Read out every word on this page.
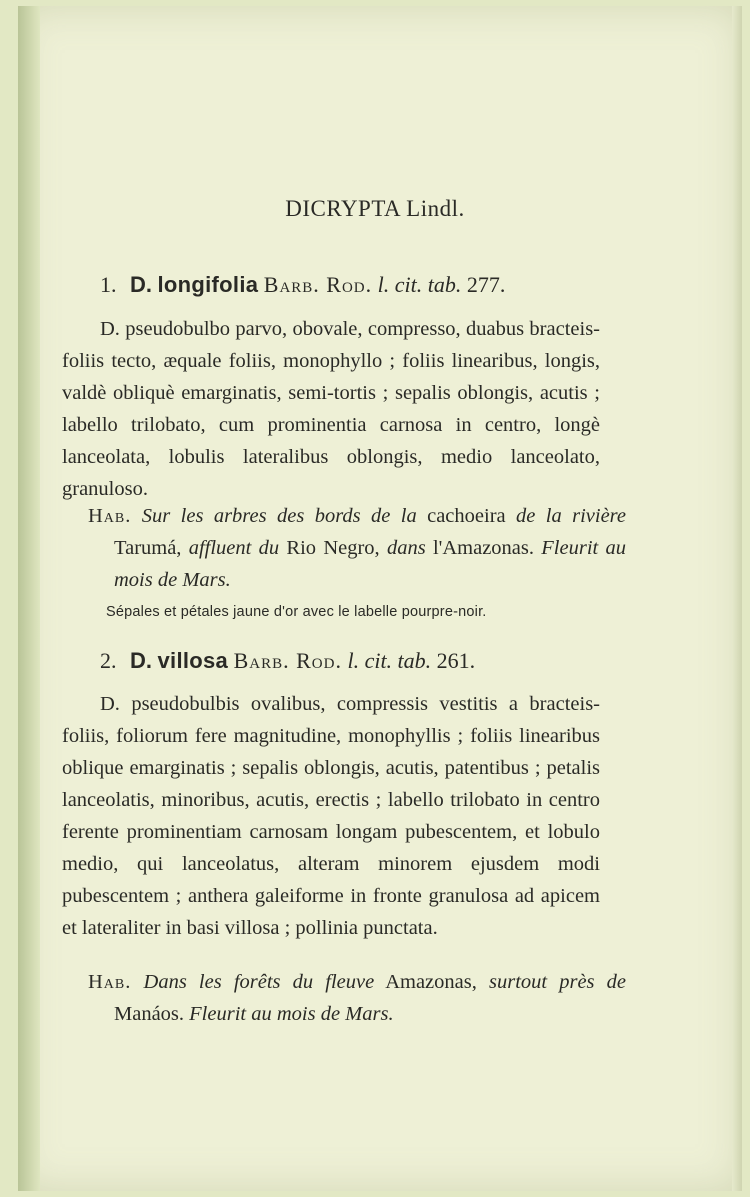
DICRYPTA Lindl.
1. D. longifolia Barb. Rod. l. cit. tab. 277.
D. pseudobulbo parvo, obovale, compresso, duabus bracteis-foliis tecto, æquale foliis, monophyllo ; foliis linearibus, longis, valdè obliquè emarginatis, semi-tortis ; sepalis oblongis, acutis ; labello trilobato, cum prominentia carnosa in centro, longè lanceolata, lobulis lateralibus oblongis, medio lanceolato, granuloso.
Hab. Sur les arbres des bords de la cachoeira de la rivière Tarumá, affluent du Rio Negro, dans l'Amazonas. Fleurit au mois de Mars.
Sépales et pétales jaune d'or avec le labelle pourpre-noir.
2. D. villosa Barb. Rod. l. cit. tab. 261.
D. pseudobulbis ovalibus, compressis vestitis a bracteis-foliis, foliorum fere magnitudine, monophyllis ; foliis linearibus oblique emarginatis ; sepalis oblongis, acutis, patentibus ; petalis lanceolatis, minoribus, acutis, erectis ; labello trilobato in centro ferente prominentiam carnosam longam pubescentem, et lobulo medio, qui lanceolatus, alteram minorem ejusdem modi pubescentem ; anthera galeiforme in fronte granulosa ad apicem et lateraliter in basi villosa ; pollinia punctata.
Hab. Dans les forêts du fleuve Amazonas, surtout près de Manáos. Fleurit au mois de Mars.
